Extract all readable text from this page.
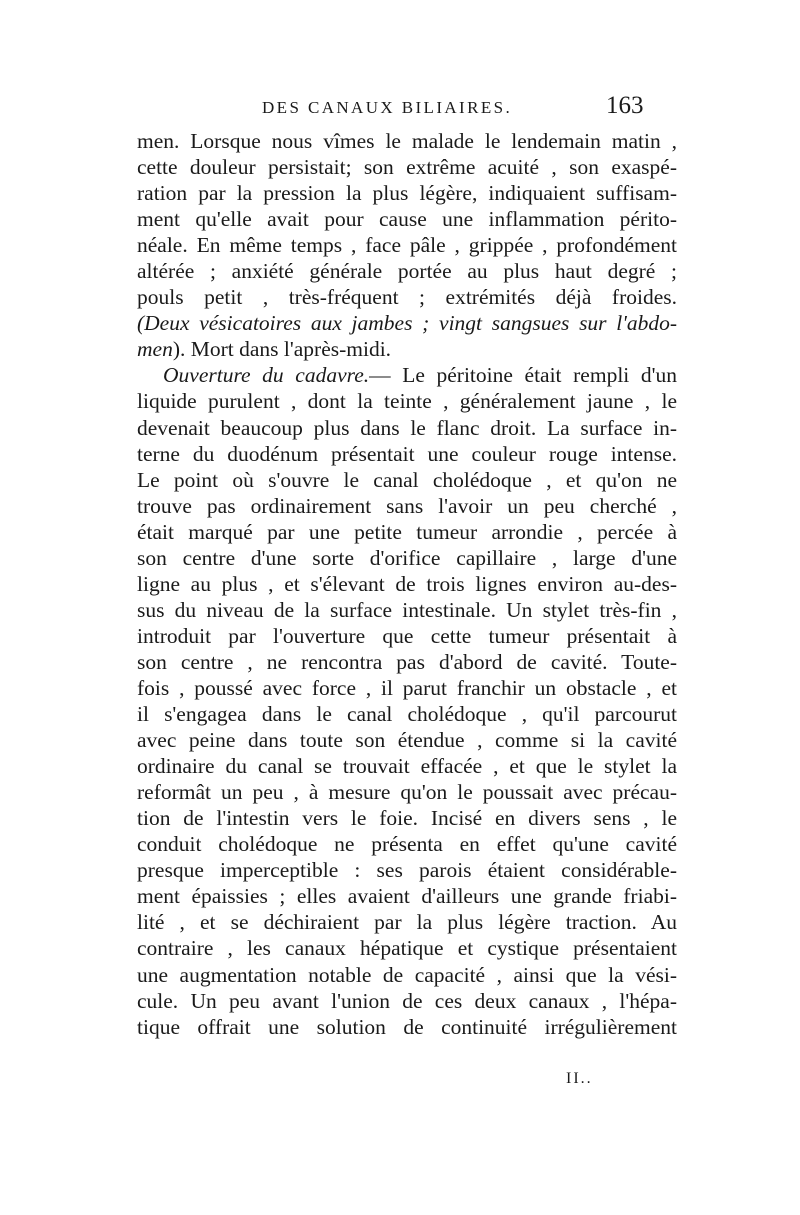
DES CANAUX BILIAIRES.	163
men. Lorsque nous vîmes le malade le lendemain matin ,
cette douleur persistait; son extrême acuité , son exaspé-
ration par la pression la plus légère, indiquaient suffisam-
ment qu'elle avait pour cause une inflammation périto-
néale. En même temps , face pâle , grippée , profondément
altérée ; anxiété générale portée au plus haut degré ;
pouls petit , très-fréquent ; extrémités déjà froides.
(Deux vésicatoires aux jambes ; vingt sangsues sur l'abdo-
men). Mort dans l'après-midi.
Ouverture du cadavre.— Le péritoine était rempli d'un
liquide purulent , dont la teinte , généralement jaune , le
devenait beaucoup plus dans le flanc droit. La surface in-
terne du duodénum présentait une couleur rouge intense.
Le point où s'ouvre le canal cholédoque , et qu'on ne
trouve pas ordinairement sans l'avoir un peu cherché ,
était marqué par une petite tumeur arrondie , percée à
son centre d'une sorte d'orifice capillaire , large d'une
ligne au plus , et s'élevant de trois lignes environ au-des-
sus du niveau de la surface intestinale. Un stylet très-fin ,
introduit par l'ouverture que cette tumeur présentait à
son centre , ne rencontra pas d'abord de cavité. Toute-
fois , poussé avec force , il parut franchir un obstacle , et
il s'engagea dans le canal cholédoque , qu'il parcourut
avec peine dans toute son étendue , comme si la cavité
ordinaire du canal se trouvait effacée , et que le stylet la
reformât un peu , à mesure qu'on le poussait avec précau-
tion de l'intestin vers le foie. Incisé en divers sens , le
conduit cholédoque ne présenta en effet qu'une cavité
presque imperceptible : ses parois étaient considérable-
ment épaissies ; elles avaient d'ailleurs une grande friabi-
lité , et se déchiraient par la plus légère traction. Au
contraire , les canaux hépatique et cystique présentaient
une augmentation notable de capacité , ainsi que la vési-
cule. Un peu avant l'union de ces deux canaux , l'hépa-
tique offrait une solution de continuité irrégulièrement
II..
